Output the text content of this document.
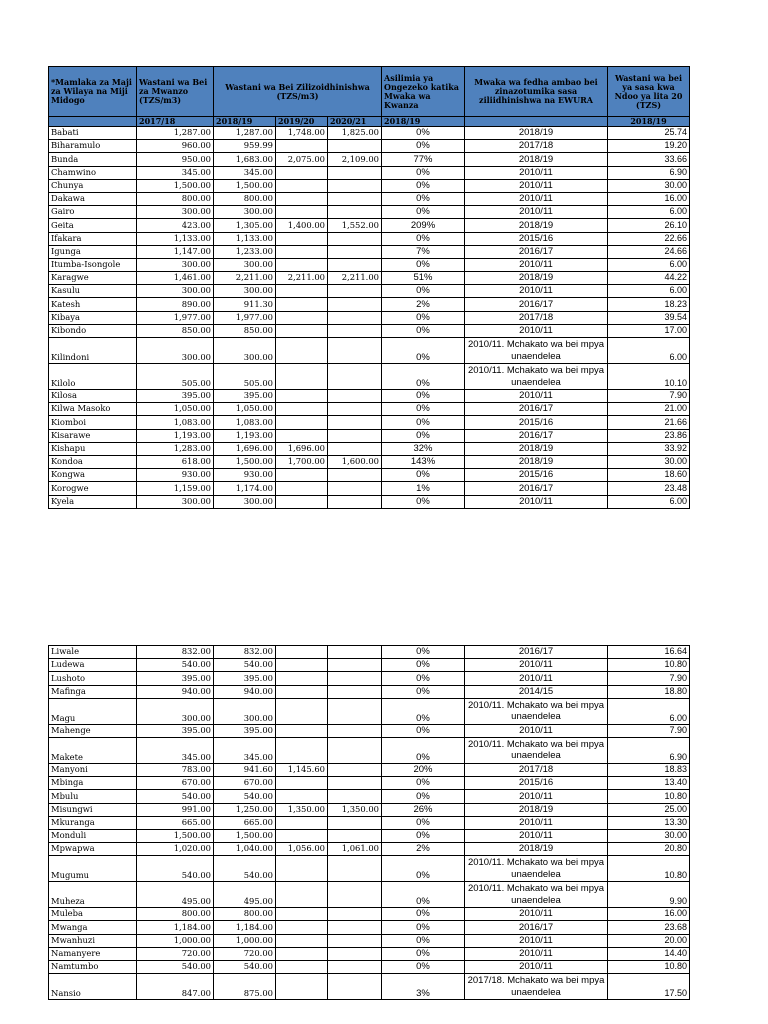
*Mamlaka za Maji za Wilaya na Miji Midogo	Wastani wa Bei za Mwanzo (TZS/m3)	Wastani wa Bei Zilizoidhinishwa (TZS/m3)			Asilimia ya Ongezeko katika Mwaka wa Kwanza	Mwaka wa fedha ambao bei zinazotumika sasa ziliidhinishwa na EWURA	Wastani wa bei ya sasa kwa Ndoo ya lita 20 (TZS)
	2017/18	2018/19	2019/20	2020/21	2018/19		2018/19
Babati	1,287.00	1,287.00	1,748.00	1,825.00	0%	2018/19	25.74
Biharamulo	960.00	959.99			0%	2017/18	19.20
Bunda	950.00	1,683.00	2,075.00	2,109.00	77%	2018/19	33.66
Chamwino	345.00	345.00			0%	2010/11	6.90
Chunya	1,500.00	1,500.00			0%	2010/11	30.00
Dakawa	800.00	800.00			0%	2010/11	16.00
Gairo	300.00	300.00			0%	2010/11	6.00
Geita	423.00	1,305.00	1,400.00	1,552.00	209%	2018/19	26.10
Ifakara	1,133.00	1,133.00			0%	2015/16	22.66
Igunga	1,147.00	1,233.00			7%	2016/17	24.66
Itumba-Isongole	300.00	300.00			0%	2010/11	6.00
Karagwe	1,461.00	2,211.00	2,211.00	2,211.00	51%	2018/19	44.22
Kasulu	300.00	300.00			0%	2010/11	6.00
Katesh	890.00	911.30			2%	2016/17	18.23
Kibaya	1,977.00	1,977.00			0%	2017/18	39.54
Kibondo	850.00	850.00			0%	2010/11	17.00
Kilindoni	300.00	300.00			0%	2010/11. Mchakato wa bei mpya unaendelea	6.00
Kilolo	505.00	505.00			0%	2010/11. Mchakato wa bei mpya unaendelea	10.10
Kilosa	395.00	395.00			0%	2010/11	7.90
Kilwa Masoko	1,050.00	1,050.00			0%	2016/17	21.00
Kiomboi	1,083.00	1,083.00			0%	2015/16	21.66
Kisarawe	1,193.00	1,193.00			0%	2016/17	23.86
Kishapu	1,283.00	1,696.00	1,696.00		32%	2018/19	33.92
Kondoa	618.00	1,500.00	1,700.00	1,600.00	143%	2018/19	30.00
Kongwa	930.00	930.00			0%	2015/16	18.60
Korogwe	1,159.00	1,174.00			1%	2016/17	23.48
Kyela	300.00	300.00			0%	2010/11	6.00
Liwale	832.00	832.00			0%	2016/17	16.64
Ludewa	540.00	540.00			0%	2010/11	10.80
Lushoto	395.00	395.00			0%	2010/11	7.90
Mafinga	940.00	940.00			0%	2014/15	18.80
Magu	300.00	300.00			0%	2010/11. Mchakato wa bei mpya unaendelea	6.00
Mahenge	395.00	395.00			0%	2010/11	7.90
Makete	345.00	345.00			0%	2010/11. Mchakato wa bei mpya unaendelea	6.90
Manyoni	783.00	941.60	1,145.60		20%	2017/18	18.83
Mbinga	670.00	670.00			0%	2015/16	13.40
Mbulu	540.00	540.00			0%	2010/11	10.80
Misungwi	991.00	1,250.00	1,350.00	1,350.00	26%	2018/19	25.00
Mkuranga	665.00	665.00			0%	2010/11	13.30
Monduli	1,500.00	1,500.00			0%	2010/11	30.00
Mpwapwa	1,020.00	1,040.00	1,056.00	1,061.00	2%	2018/19	20.80
Mugumu	540.00	540.00			0%	2010/11. Mchakato wa bei mpya unaendelea	10.80
Muheza	495.00	495.00			0%	2010/11. Mchakato wa bei mpya unaendelea	9.90
Muleba	800.00	800.00			0%	2010/11	16.00
Mwanga	1,184.00	1,184.00			0%	2016/17	23.68
Mwanhuzi	1,000.00	1,000.00			0%	2010/11	20.00
Namanyere	720.00	720.00			0%	2010/11	14.40
Namtumbo	540.00	540.00			0%	2010/11	10.80
Nansio	847.00	875.00			3%	2017/18. Mchakato wa bei mpya unaendelea	17.50
